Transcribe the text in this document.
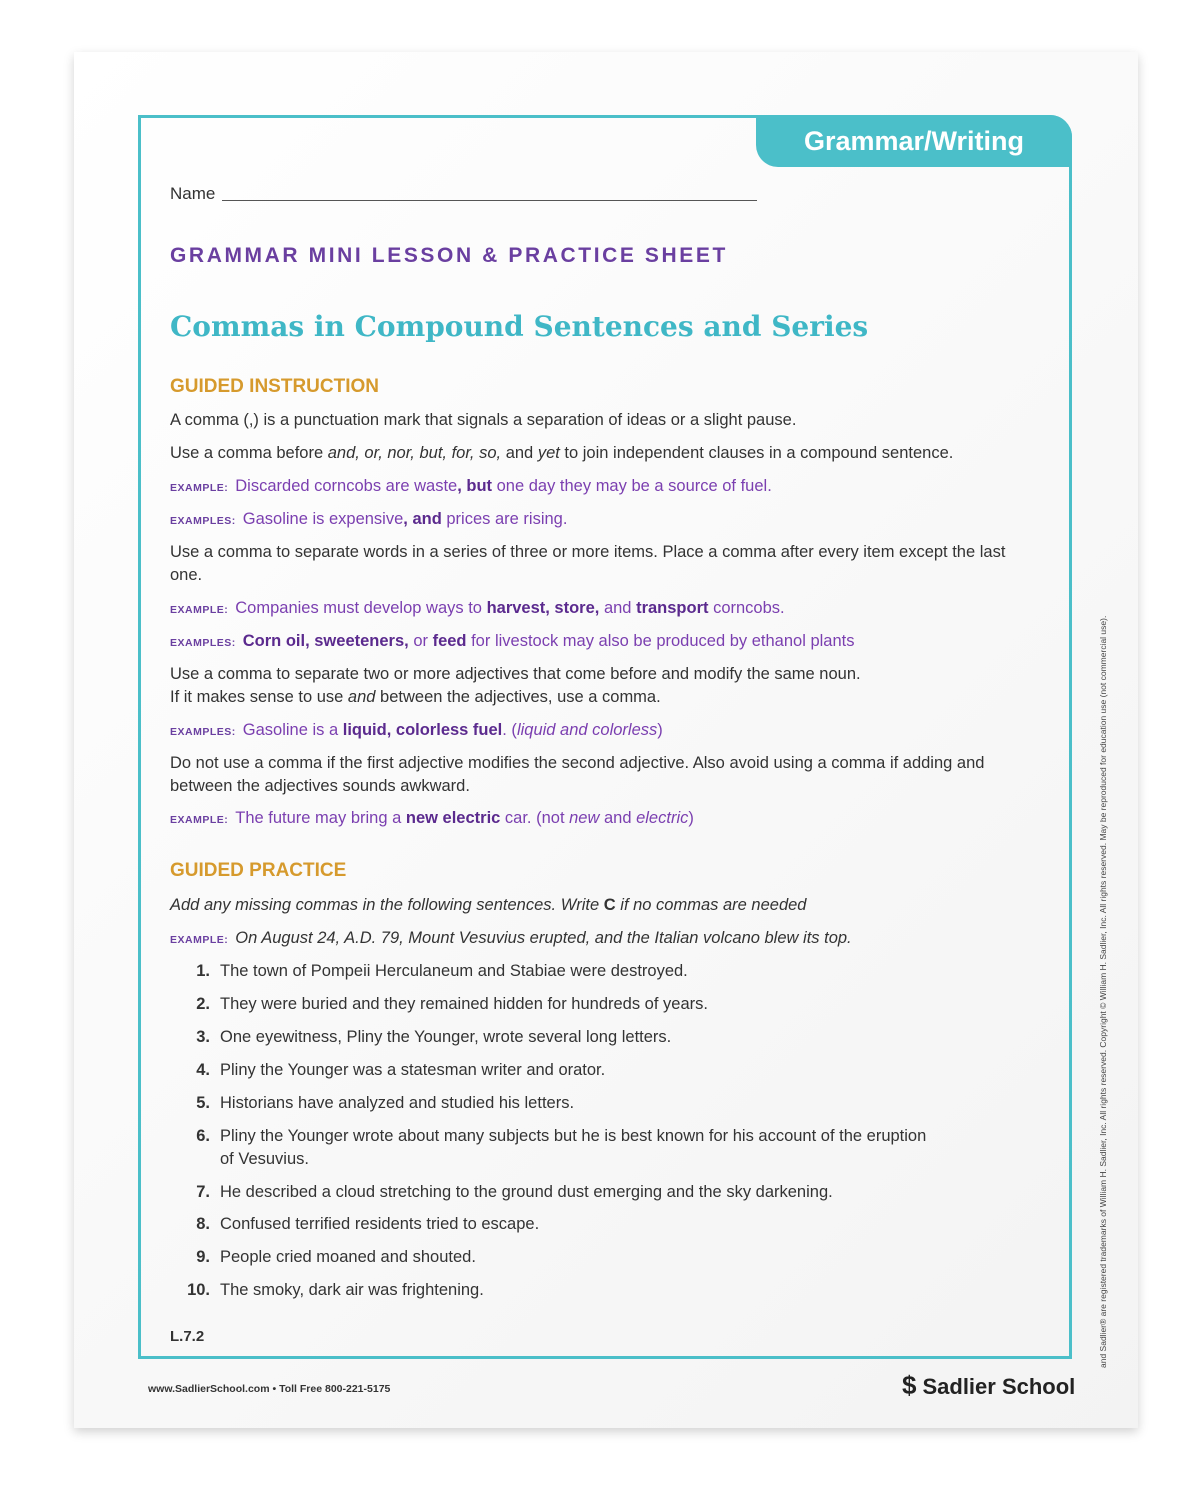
Grammar/Writing
Name
GRAMMAR MINI LESSON & PRACTICE SHEET
Commas in Compound Sentences and Series
GUIDED INSTRUCTION
A comma (,) is a punctuation mark that signals a separation of ideas or a slight pause.
Use a comma before and, or, nor, but, for, so, and yet to join independent clauses in a compound sentence.
EXAMPLE: Discarded corncobs are waste, but one day they may be a source of fuel.
EXAMPLES: Gasoline is expensive, and prices are rising.
Use a comma to separate words in a series of three or more items. Place a comma after every item except the last one.
EXAMPLE: Companies must develop ways to harvest, store, and transport corncobs.
EXAMPLES: Corn oil, sweeteners, or feed for livestock may also be produced by ethanol plants
Use a comma to separate two or more adjectives that come before and modify the same noun.
If it makes sense to use and between the adjectives, use a comma.
EXAMPLES: Gasoline is a liquid, colorless fuel. (liquid and colorless)
Do not use a comma if the first adjective modifies the second adjective. Also avoid using a comma if adding and between the adjectives sounds awkward.
EXAMPLE: The future may bring a new electric car. (not new and electric)
GUIDED PRACTICE
Add any missing commas in the following sentences. Write C if no commas are needed
EXAMPLE: On August 24, A.D. 79, Mount Vesuvius erupted, and the Italian volcano blew its top.
1. The town of Pompeii Herculaneum and Stabiae were destroyed.
2. They were buried and they remained hidden for hundreds of years.
3. One eyewitness, Pliny the Younger, wrote several long letters.
4. Pliny the Younger was a statesman writer and orator.
5. Historians have analyzed and studied his letters.
6. Pliny the Younger wrote about many subjects but he is best known for his account of the eruption of Vesuvius.
7. He described a cloud stretching to the ground dust emerging and the sky darkening.
8. Confused terrified residents tried to escape.
9. People cried moaned and shouted.
10. The smoky, dark air was frightening.
L.7.2
www.SadlierSchool.com • Toll Free 800-221-5175	$ Sadlier School
and Sadlier® are registered trademarks of William H. Sadlier, Inc. All rights reserved. Copyright © William H. Sadlier, Inc. All rights reserved. May be reproduced for education use (not commercial use).
